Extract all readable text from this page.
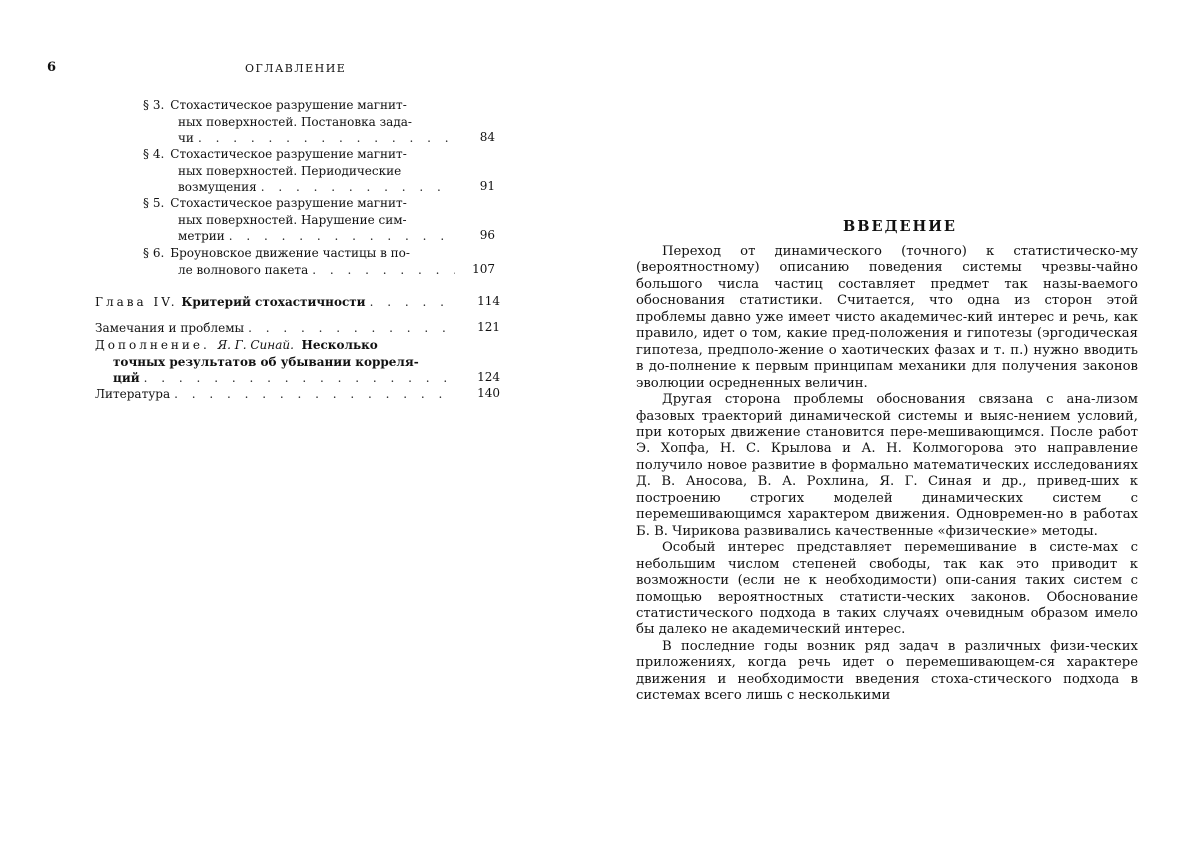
6	ОГЛАВЛЕНИЕ
§ 3. Стохастическое разрушение магнит-
ных поверхностей. Постановка зада-
чи . . .	84
§ 4. Стохастическое разрушение магнит-
ных поверхностей. Периодические
возмущения . . .	91
§ 5. Стохастическое разрушение магнит-
ных поверхностей. Нарушение сим-
метрии . . .	96
§ 6. Броуновское движение частицы в по-
ле волнового пакета . . .	107
Глава IV.
Критерий стохастичности . . .	114
Замечания и проблемы . . .	121
Дополнение. Я. Г. Синай. Несколько
точных результатов об убывании корреля-
ций . . .	124
Литература . . .	140
ВВЕДЕНИЕ

Переход от динамического (точного) к статистическо-му (вероятностному) описанию поведения системы чрезвы-чайно большого числа частиц составляет предмет так назы-ваемого обоснования статистики. Считается, что одна из сторон этой проблемы давно уже имеет чисто академичес-кий интерес и речь, как правило, идет о том, какие пред-положения и гипотезы (эргодическая гипотеза, предполо-жение о хаотических фазах и т. п.) нужно вводить в до-полнение к первым принципам механики для получения законов эволюции осредненных величин.

Другая сторона проблемы обоснования связана с ана-лизом фазовых траекторий динамической системы и выяс-нением условий, при которых движение становится пере-мешивающимся. После работ Э. Хопфа, Н. С. Крылова и А. Н. Колмогорова это направление получило новое развитие в формально математических исследованиях Д. В. Аносова, В. А. Рохлина, Я. Г. Синая и др., привед-ших к построению строгих моделей динамических систем с перемешивающимся характером движения. Одновремен-но в работах Б. В. Чирикова развивались качественные «физические» методы.

Особый интерес представляет перемешивание в систе-мах с небольшим числом степеней свободы, так как это приводит к возможности (если не к необходимости) опи-сания таких систем с помощью вероятностных статисти-ческих законов. Обоснование статистического подхода в таких случаях очевидным образом имело бы далеко не академический интерес.

В последние годы возник ряд задач в различных физи-ческих приложениях, когда речь идет о перемешивающем-ся характере движения и необходимости введения стоха-стического подхода в системах всего лишь с несколькими
